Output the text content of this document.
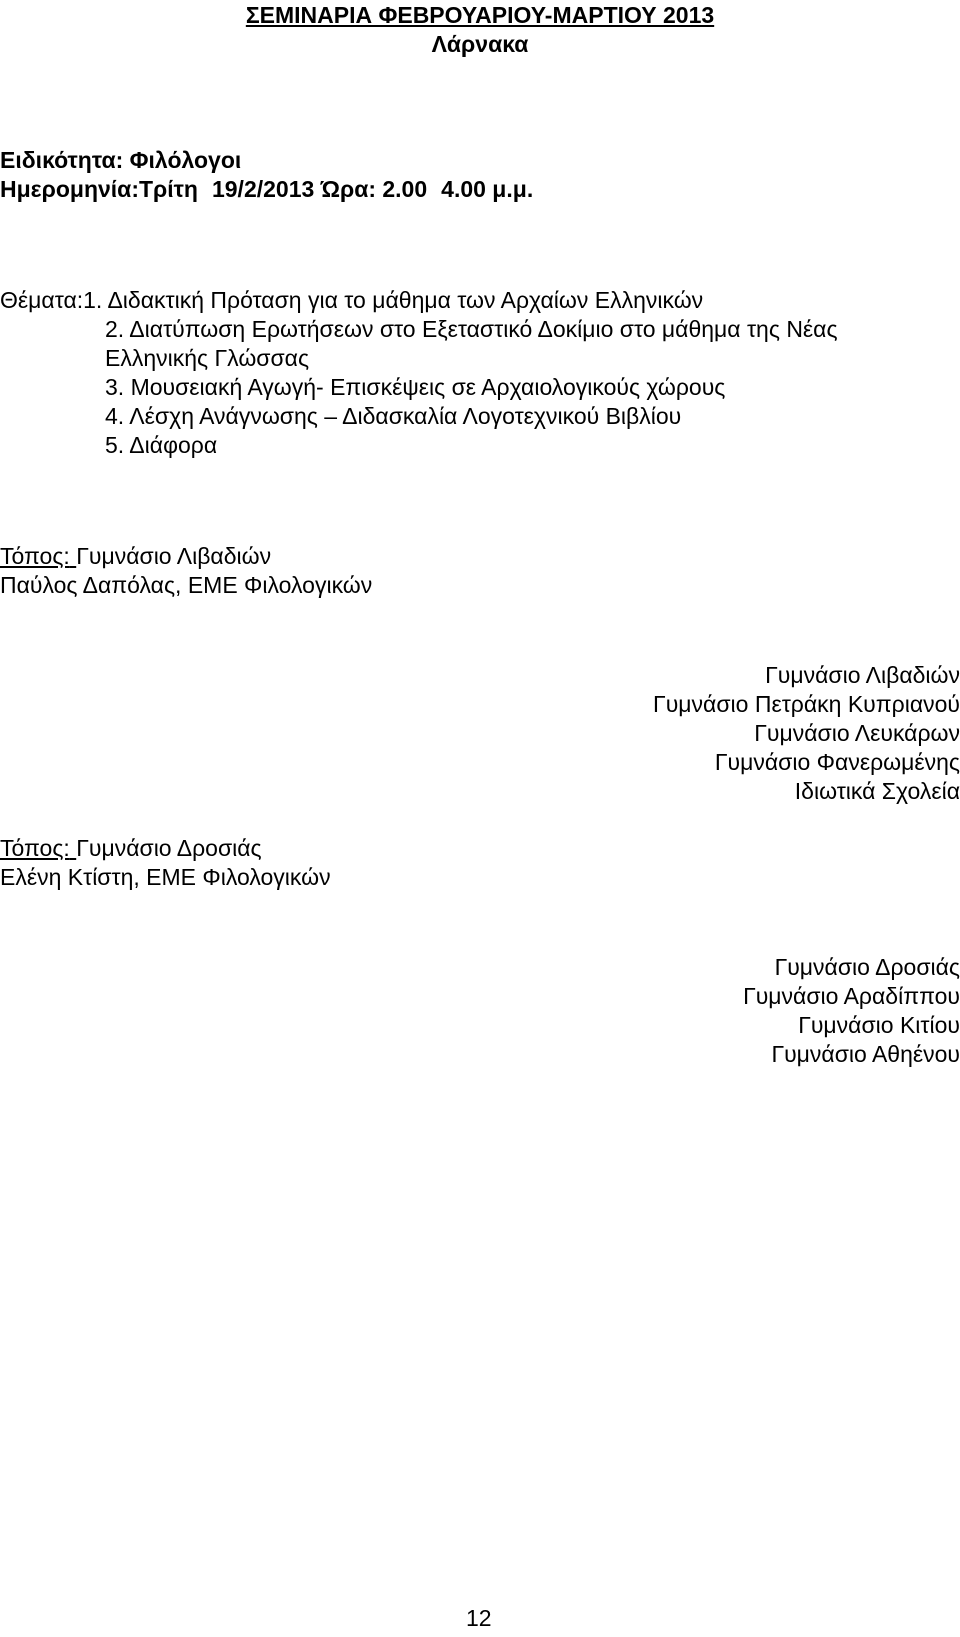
ΣΕΜΙΝΑΡΙΑ ΦΕΒΡΟΥΑΡΙΟΥ-ΜΑΡΤΙΟΥ 2013
Λάρνακα
Ειδικότητα: Φιλόλογοι
Ημερομηνία:Τρίτη 19/2/2013 Ώρα: 2.00 4.00 μ.μ.
Θέματα:1. Διδακτική Πρόταση για το μάθημα των Αρχαίων Ελληνικών
2. Διατύπωση Ερωτήσεων στο Εξεταστικό Δοκίμιο στο μάθημα της Νέας
Ελληνικής Γλώσσας
3. Μουσειακή Αγωγή- Επισκέψεις σε Αρχαιολογικούς χώρους
4. Λέσχη Ανάγνωσης – Διδασκαλία Λογοτεχνικού Βιβλίου
5. Διάφορα
Τόπος: Γυμνάσιο Λιβαδιών
Παύλος Δαπόλας, ΕΜΕ Φιλολογικών
Γυμνάσιο Λιβαδιών
Γυμνάσιο Πετράκη Κυπριανού
Γυμνάσιο Λευκάρων
Γυμνάσιο Φανερωμένης
Ιδιωτικά Σχολεία
Τόπος: Γυμνάσιο Δροσιάς
Ελένη Κτίστη, ΕΜΕ Φιλολογικών
Γυμνάσιο Δροσιάς
Γυμνάσιο Αραδίππου
Γυμνάσιο Κιτίου
Γυμνάσιο Αθηένου
12
